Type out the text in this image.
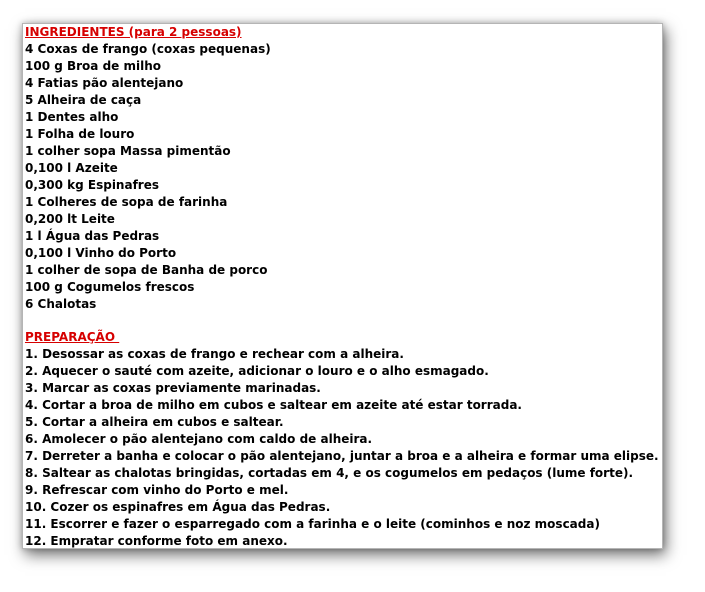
INGREDIENTES (para 2 pessoas)
4 Coxas de frango (coxas pequenas)
100 g Broa de milho
4 Fatias pão alentejano
5 Alheira de caça
1 Dentes alho
1 Folha de louro
1 colher sopa Massa pimentão
0,100 l Azeite
0,300 kg Espinafres
1 Colheres de sopa de farinha
0,200 lt Leite
1 l Água das Pedras
0,100 l Vinho do Porto
1 colher de sopa de Banha de porco
100 g Cogumelos frescos
6 Chalotas
PREPARAÇÃO
1. Desossar as coxas de frango e rechear com a alheira.
2. Aquecer o sauté com azeite, adicionar o louro e o alho esmagado.
3. Marcar as coxas previamente marinadas.
4. Cortar a broa de milho em cubos e saltear em azeite até estar torrada.
5. Cortar a alheira em cubos e saltear.
6. Amolecer o pão alentejano com caldo de alheira.
7. Derreter a banha e colocar o pão alentejano, juntar a broa e a alheira e formar uma elipse.
8. Saltear as chalotas bringidas, cortadas em 4, e os cogumelos em pedaços (lume forte).
9. Refrescar com vinho do Porto e mel.
10. Cozer os espinafres em Água das Pedras.
11. Escorrer e fazer o esparregado com a farinha e o leite (cominhos e noz moscada)
12. Empratar conforme foto em anexo.
